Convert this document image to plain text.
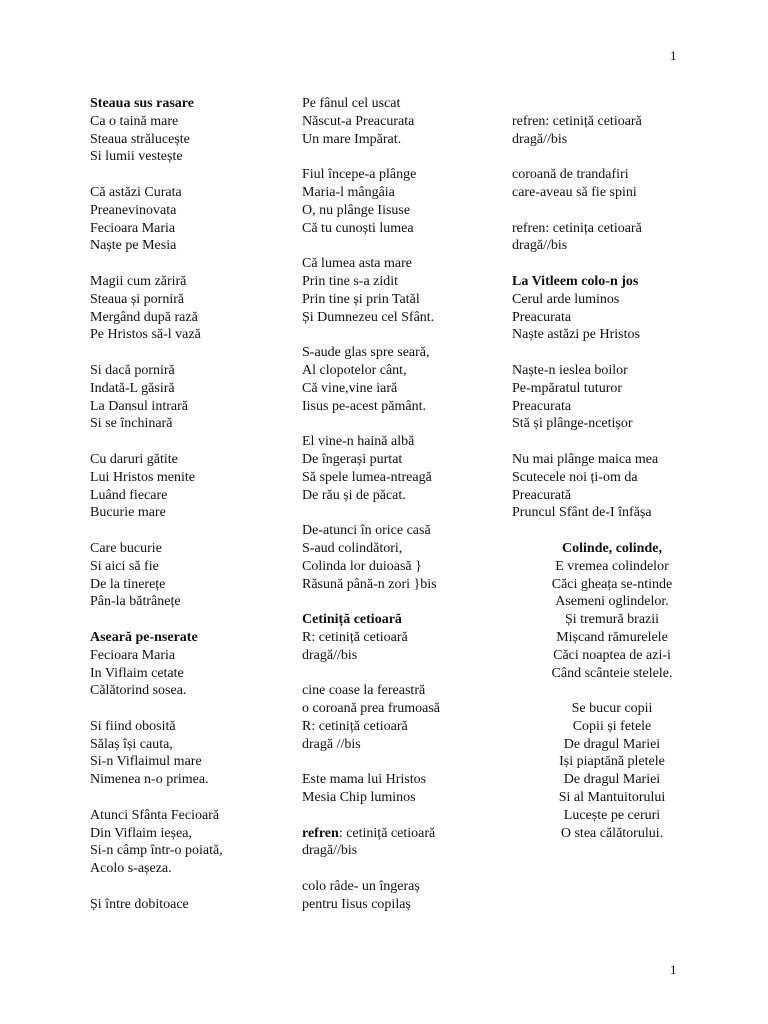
1
Steaua sus rasare
Ca o taină mare
Steaua strălucește
Si lumii vestește
Că astăzi Curata
Preanevinovata
Fecioara Maria
Naște pe Mesia
Magii cum zăriră
Steaua și porniră
Mergând după rază
Pe Hristos să-l vază
Si dacă porniră
Indată-L găsiră
La Dansul intrară
Si se închinară
Cu daruri gătite
Lui Hristos menite
Luând fiecare
Bucurie mare
Care bucurie
Si aici să fie
De la tinerețe
Pân-la bătrânețe
Aseară pe-nserate
Fecioara Maria
In Viflaim cetate
Călătorind sosea.
Si fiind obosită
Sălaș își cauta,
Si-n Viflaimul mare
Nimenea n-o primea.
Atunci Sfânta Fecioară
Din Viflaim ieșea,
Si-n câmp într-o poiată,
Acolo s-așeza.
Și între dobitoace
Pe fânul cel uscat
Născut-a Preacurata
Un mare Impărat.
Fiul începe-a plânge
Maria-l mângâia
O, nu plânge Iisuse
Că tu cunoști lumea
Că lumea asta mare
Prin tine s-a zidit
Prin tine și prin Tatăl
Și Dumnezeu cel Sfânt.
S-aude glas spre seară,
Al clopotelor cânt,
Că vine,vine iară
Iisus pe-acest pământ.
El vine-n haină albă
De îngerași purtat
Să spele lumea-ntreagă
De rău și de păcat.
De-atunci în orice casă
S-aud colindători,
Colinda lor duioasă }
Răsună până-n zori }bis
Cetiniță cetioară
R: cetiniță cetioară
dragă//bis
cine coase la fereastră
o coroană prea frumoasă
R: cetiniță cetioară
dragă //bis
Este mama lui Hristos
Mesia Chip luminos
refren: cetiniță cetioară
dragă//bis
colo râde- un îngeraș
pentru Iisus copilaș
refren: cetiniță cetioară
dragă//bis
coroană de trandafiri
care-aveau să fie spini
refren: cetinița cetioară
dragă//bis
La Vitleem colo-n jos
Cerul arde luminos
Preacurata
Naște astăzi pe Hristos
Naște-n ieslea boilor
Pe-mpăratul tuturor
Preacurata
Stă și plânge-ncetișor
Nu mai plânge maica mea
Scutecele noi ți-om da
Preacurată
Pruncul Sfânt de-I înfășa
Colinde, colinde,
E vremea colindelor
Căci gheața se-ntinde
Asemeni oglindelor.
Și tremură brazii
Mișcand rămurelele
Căci noaptea de azi-i
Când scânteie stelele.
Se bucur copii
Copii și fetele
De dragul Mariei
Iși piaptănă pletele
De dragul Mariei
Si al Mantuitorului
Lucește pe ceruri
O stea călătorului.
1
